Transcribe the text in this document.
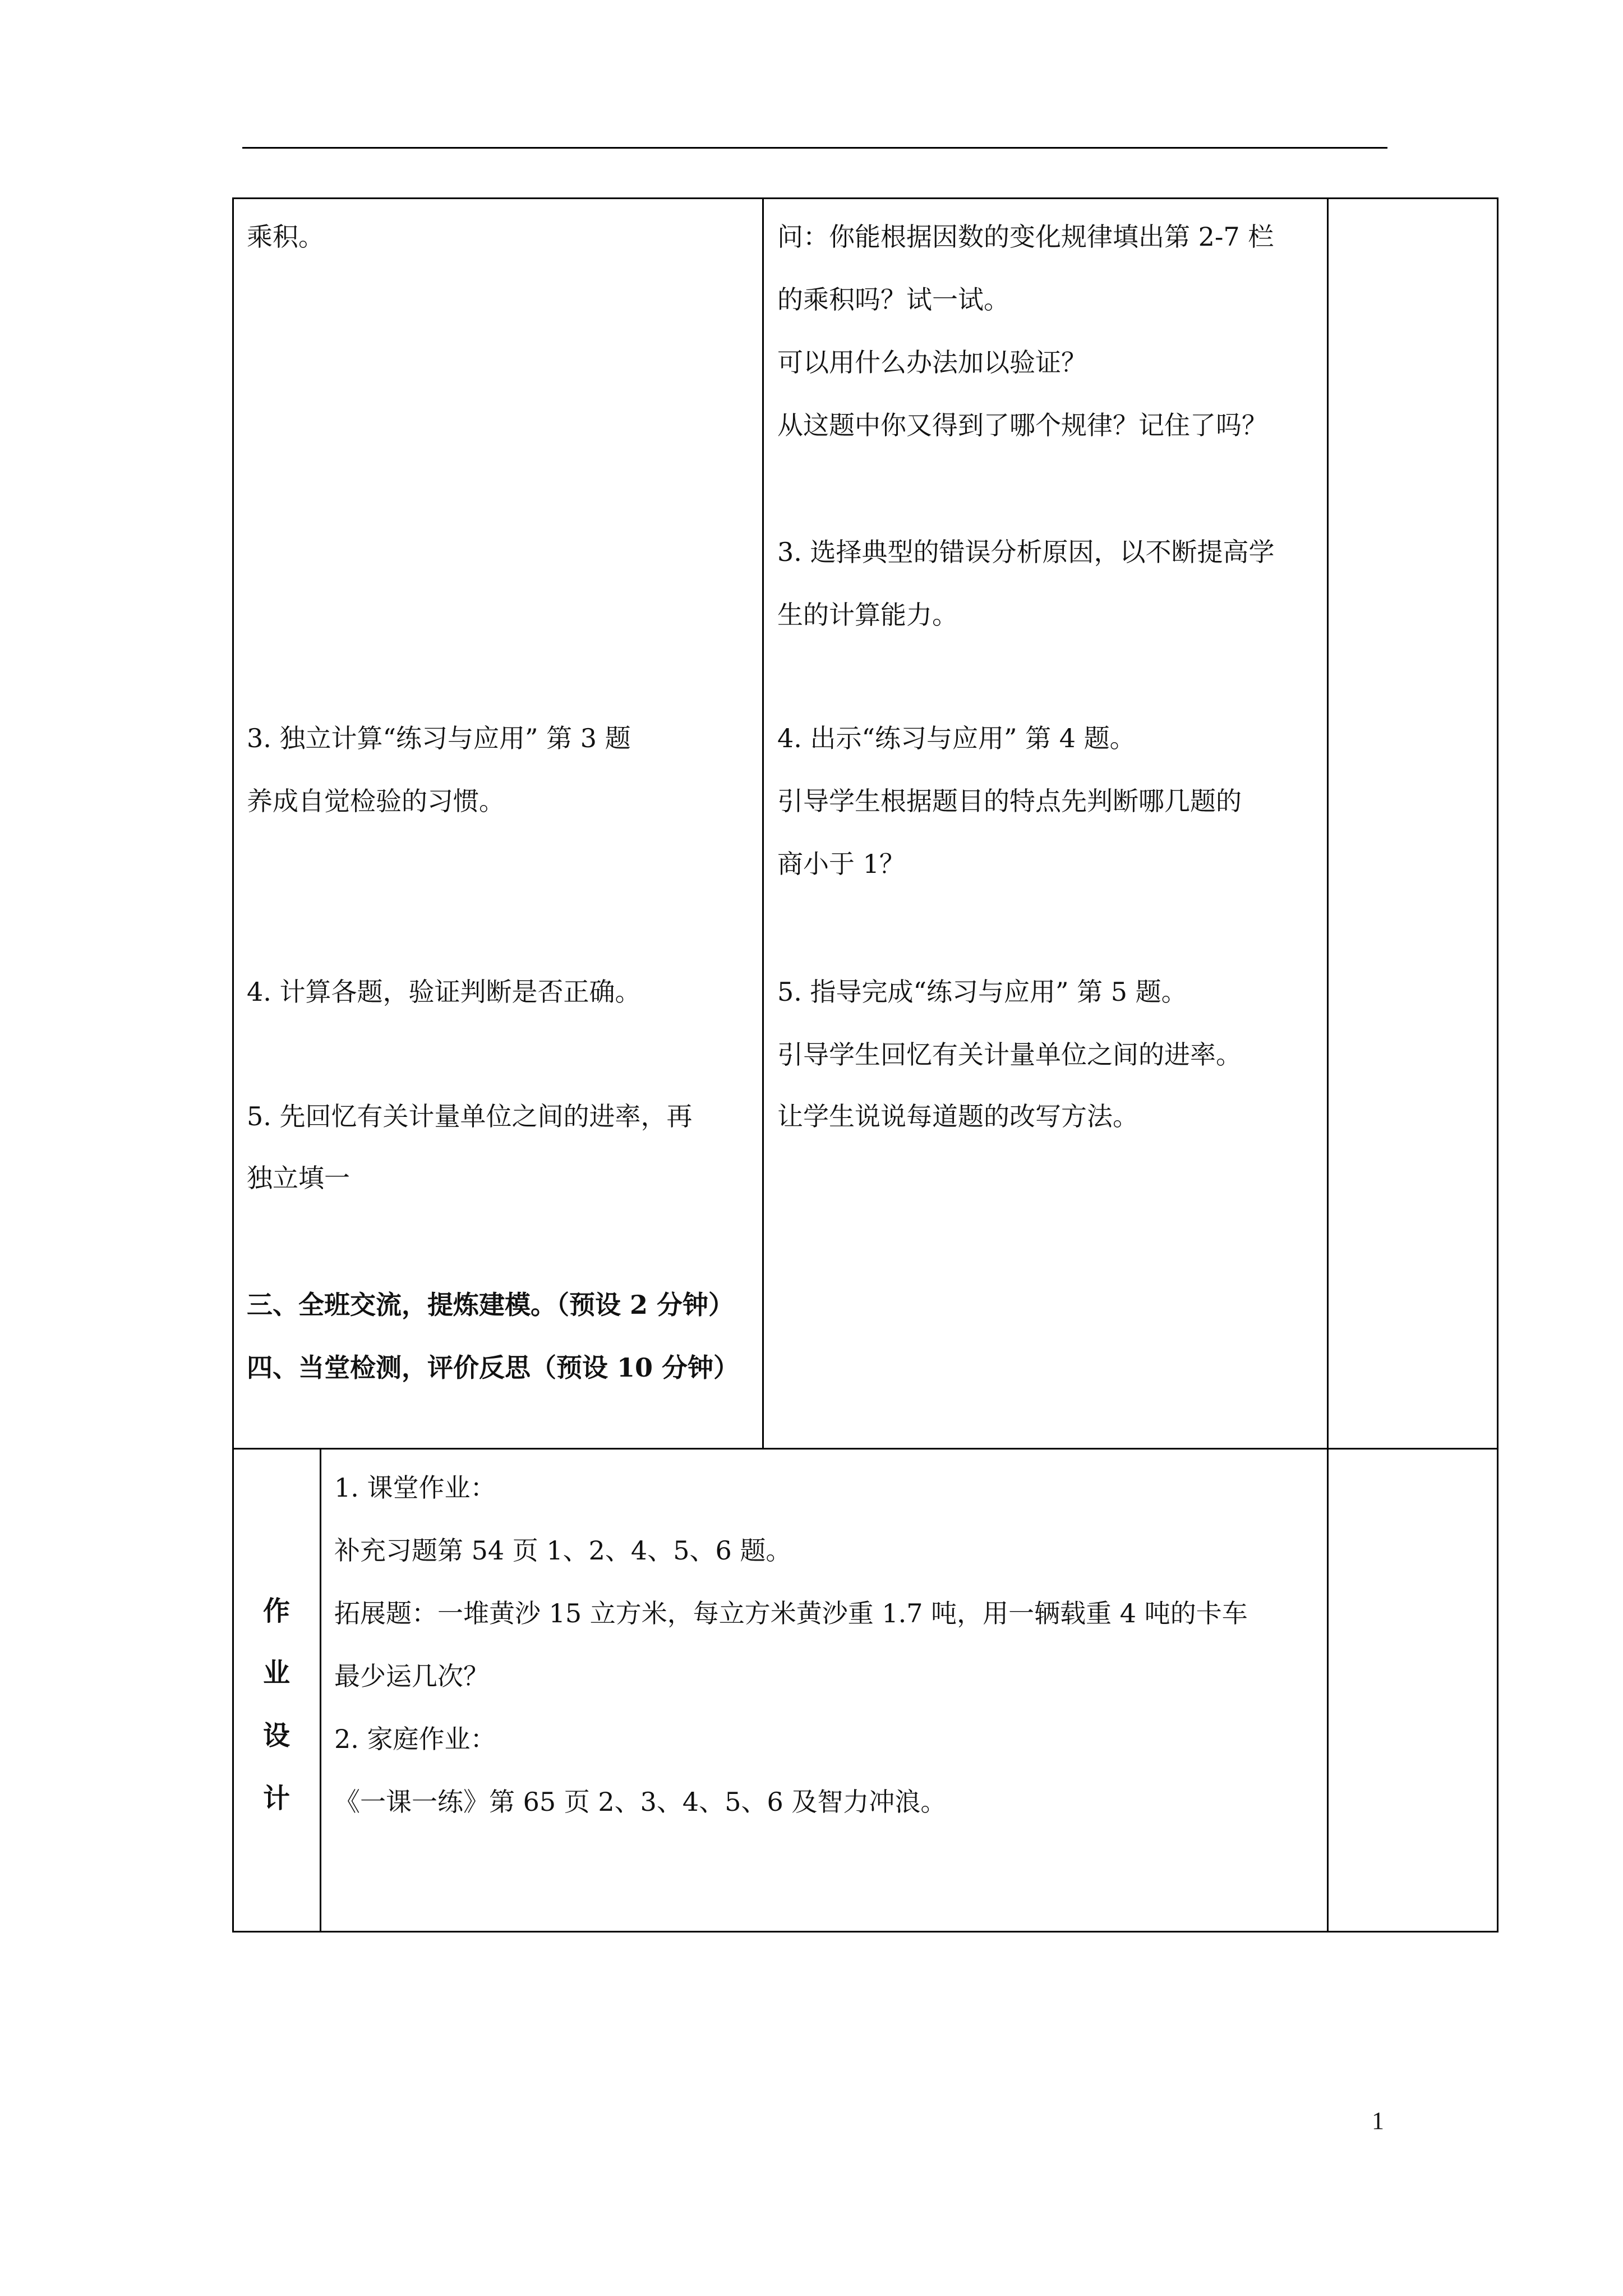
乘积。

3. 独立计算“练习与应用” 第 3 题

养成自觉检验的习惯。

4. 计算各题，验证判断是否正确。

5. 先回忆有关计量单位之间的进率，再

独立填一

三、全班交流，提炼建模。（预设 2 分钟）

四、当堂检测，评价反思（预设 10 分钟）

问：你能根据因数的变化规律填出第 2-7 栏

的乘积吗？试一试。

可以用什么办法加以验证？

从这题中你又得到了哪个规律？记住了吗？

3. 选择典型的错误分析原因，以不断提高学

生的计算能力。

4. 出示“练习与应用” 第 4 题。

引导学生根据题目的特点先判断哪几题的

商小于 1？

5. 指导完成“练习与应用” 第 5 题。

引导学生回忆有关计量单位之间的进率。

让学生说说每道题的改写方法。

作

业

设

计

1. 课堂作业：

补充习题第 54 页 1、2、4、5、6 题。

拓展题：一堆黄沙 15 立方米，每立方米黄沙重 1.7 吨，用一辆载重 4 吨的卡车

最少运几次？

2. 家庭作业：

《一课一练》第 65 页 2、3、4、5、6 及智力冲浪。

1
